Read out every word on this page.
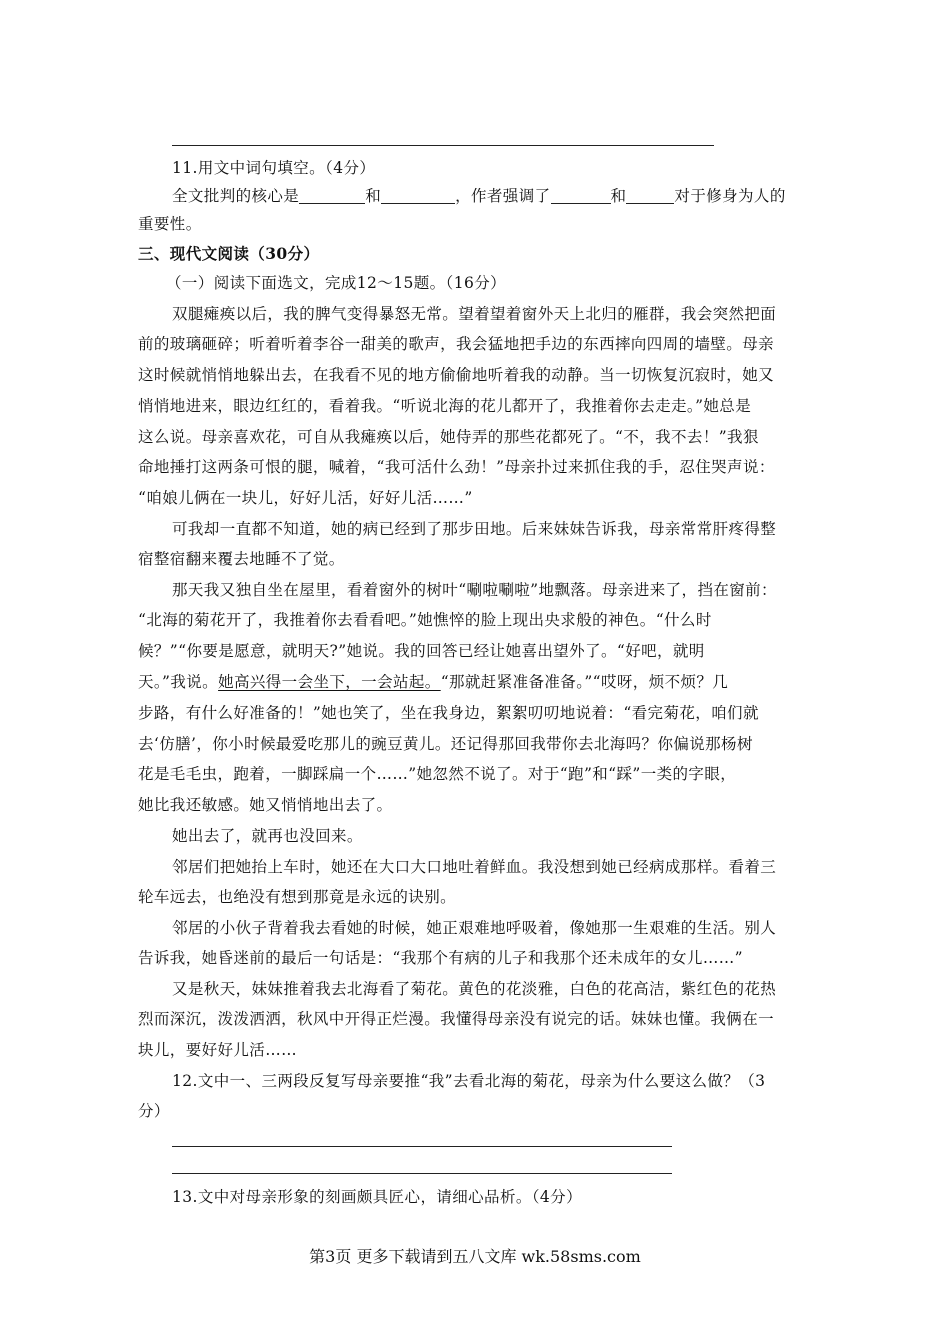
11.用文中词句填空。（4分）
全文批判的核心是	和	，作者强调了	和	对于修身为人的
重要性。
三、现代文阅读（30分）
（一）阅读下面选文，完成12～15题。（16分）
双腿瘫痪以后，我的脾气变得暴怒无常。望着望着窗外天上北归的雁群，我会突然把面
前的玻璃砸碎；听着听着李谷一甜美的歌声，我会猛地把手边的东西摔向四周的墙壁。母亲
这时候就悄悄地躲出去，在我看不见的地方偷偷地听着我的动静。当一切恢复沉寂时，她又
悄悄地进来，眼边红红的，看着我。“听说北海的花儿都开了，我推着你去走走。”她总是
这么说。母亲喜欢花，可自从我瘫痪以后，她侍弄的那些花都死了。“不，我不去！”我狠
命地捶打这两条可恨的腿，喊着，“我可活什么劲！”母亲扑过来抓住我的手，忍住哭声说：
“咱娘儿俩在一块儿，好好儿活，好好儿活……”
可我却一直都不知道，她的病已经到了那步田地。后来妹妹告诉我，母亲常常肝疼得整
宿整宿翻来覆去地睡不了觉。
那天我又独自坐在屋里，看着窗外的树叶“唰啦唰啦”地飘落。母亲进来了，挡在窗前：
“北海的菊花开了，我推着你去看看吧。”她憔悴的脸上现出央求般的神色。“什么时
候？”“你要是愿意，就明天?”她说。我的回答已经让她喜出望外了。“好吧，就明
天。”我说。她高兴得一会坐下，一会站起。“那就赶紧准备准备。”“哎呀，烦不烦？几
步路，有什么好准备的！”她也笑了，坐在我身边，絮絮叨叨地说着：“看完菊花，咱们就
去‘仿膳’，你小时候最爱吃那儿的豌豆黄儿。还记得那回我带你去北海吗？你偏说那杨树
花是毛毛虫，跑着，一脚踩扁一个……”她忽然不说了。对于“跑”和“踩”一类的字眼，
她比我还敏感。她又悄悄地出去了。
她出去了，就再也没回来。
邻居们把她抬上车时，她还在大口大口地吐着鲜血。我没想到她已经病成那样。看着三
轮车远去，也绝没有想到那竟是永远的诀别。
邻居的小伙子背着我去看她的时候，她正艰难地呼吸着，像她那一生艰难的生活。别人
告诉我，她昏迷前的最后一句话是：“我那个有病的儿子和我那个还未成年的女儿……”
又是秋天，妹妹推着我去北海看了菊花。黄色的花淡雅，白色的花高洁，紫红色的花热
烈而深沉，泼泼洒洒，秋风中开得正烂漫。我懂得母亲没有说完的话。妹妹也懂。我俩在一
块儿，要好好儿活……
12.文中一、三两段反复写母亲要推“我”去看北海的菊花，母亲为什么要这么做？（3
分）
13.文中对母亲形象的刻画颇具匠心，请细心品析。（4分）
第3页 更多下载请到五八文库 wk.58sms.com
